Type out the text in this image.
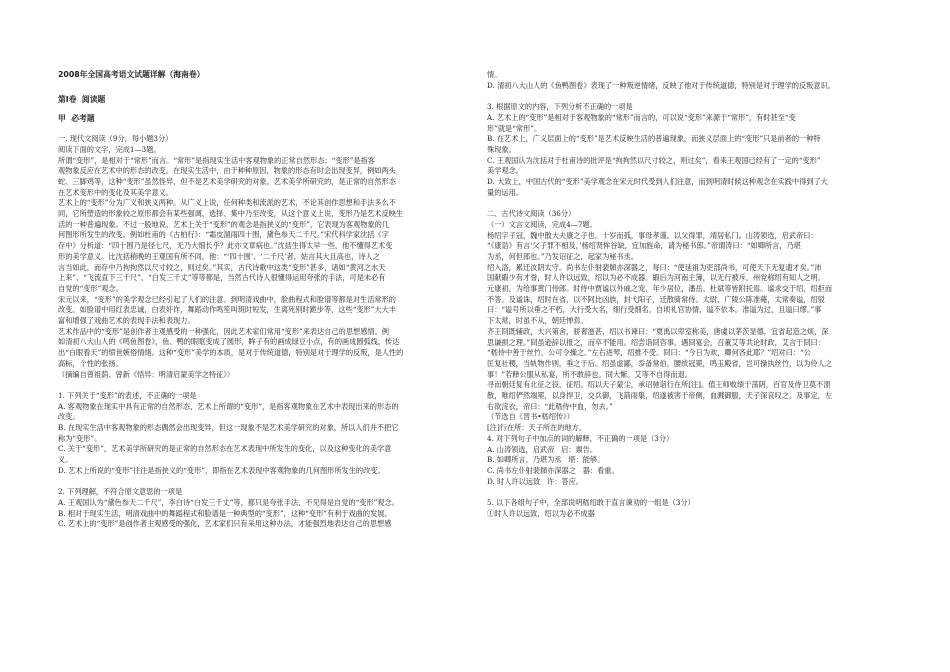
2008年全国高考语文试题详解（海南卷）

第Ⅰ卷  阅读题

甲  必考题

一. 现代文阅读（9分，每小题3分）

阅读下面的文字，完成1—3题。

所谓“变形”，是相对于“常形”而言。“常形”是指现实生活中客观物象的正常自然形态；“变形”是指客

观物象反应在艺术中的形态的改变。在现实生活中，由于种种原因，物象的形态有时会出现变异，例如两头

蛇、三脚鸡等，这种“变形”虽然怪异，但不是艺术美学研究的对象。艺术美学所研究的，是正常的自然形态

在艺术变形中的变化及其美学意义。

艺术上的“变形”分为广义和狭义两种。从广义上说，任何种类和流派的艺术，不论其创作思想和手法多么不

同，它所塑造的形象较之原形都会有某些强调、选择、集中乃至改变，从这个意义上说，变形乃是艺术反映生

活的一种普遍现象。不过一般地说，艺术上关于“变形”的观念是指狭义的“变形”，它表现为客观物象的几

何图形所发生的改变。例如杜甫的《古柏行》：“霜皮溜雨四十围，黛色参天二千尺。”宋代科学家沈括《字

存中》分析道：“四十围乃是径七尺，无乃大细长乎？此亦文章病也。”沈括生得太早一些，他不懂得艺术变

形的美学意义。比沈括稍晚的王观国有所不同，他：“‘四十围’、‘二千尺’者，姑言其大且高也，诗人之

言当如此，而存中乃拘拘然以尺寸较之，则过矣。”其实，古代诗歌中这类“变形”甚多，诸如“黄河之水天

上来”、“飞流直下三千尺”、“白发三千丈”等等都是，当然古代诗人很懂得运用夸张的手法，可是未必有

自觉的“变形”观念。

宋元以来，“变形”的美学观念已经引起了人们的注意。到明清戏曲中，脸曲程式和脸谱等都是对生活常形的

改变。如脸谱中用红表忠诚，白表奸诈，舞蹈动作鸣笙叫斑时短发，生离死别时跪步等，这些“变形”大大丰

富和增强了戏曲艺术的表现手法和表现力。

艺术作品中的“变形”是创作者主观感受的一种强化，因此艺术家们常用“变形”来表达自己的思想感情。例

如清初八大山人的《鸣鱼图卷》，鱼、鸭的眼眶变成了圆形，眸子有的画成绿豆小点，有的画成圆弧线，传达

出“白眼看天”的愤世嫉俗情绪。这种“变形”美学的本质，是对于传统道德，特别是对于理学的反叛，是人性的

高标，个性的张扬。

（摘编自曾祖荫、曾新《悟异：明清启蒙美学之特征》）

1. 下列关于“变形”的表述，不正确的一项是

A. 客观物象在现实中具有正常的自然形态，艺术上所谓的“变形”，是指客观物象在艺术中表现出来的形态的

改变。

B. 在现实生活中客观物象的形态偶然会出现变异，但这一现象不是艺术美学研究的对象，所以人们并不把它

称为“变形”。

C. 关于“变形”，艺术美学所研究的是正常的自然形态在艺术表现中所发生的变化，以及这种变化的美学意

义。

D. 艺术上所说的“变形”往往是指狭义的“变形”，即指在艺术表现中客观物象的几何图形所发生的改变。

2. 下列理解，不符合原文意思的一项是

A. 王观国认为“黛色参天二千尺”，李白诗“白发三千丈”等，都只是夸张手法，不见得是自觉的“变形”观念。

B. 相对于现实生活，明清戏曲中的舞蹈程式和脸谱是一种典型的“变形”，这种“变形”有利于戏曲的发展。

C. 艺术上的“变形”是创作者主观感受的强化，艺术家们只有采用这种办法，才能强烈地表达自己的思想感

情。

D. 清初八大山人的《鱼鸭图卷》表现了一种叛逆情绪，反映了他对于传统道德，特别是对于理学的反叛意识。

3. 根据原文的内容，下列分析不正确的一项是

A. 艺术上的“变形”是相对于客观物象的“常形”而言的，可以说“变形”来源于“常形”，有时甚至“变

形”就是“常形”。

B. 在艺术上，广义层面上的“变形”是艺术反映生活的普遍现象，而狭义层面上的“变形”只是前者的一种特

殊现象。

C. 王观国认为沈括对于杜甫诗的批评是“拘拘然以尺寸较之，则过矣”，看来王观国已经有了一定的“变形”

美学观念。

D. 大致上，中国古代的“变形”美学观念在宋元时代受到人们注意，而到明清时候这种观念在实践中得到了大

量的运用。

二、古代诗文阅读（36分）

（一）文言文阅读，完成4—7题。

杨绍字子冠，魏中散大夫康之子也。十岁而孤，事母孝谨。以父得罪，靖居私门。山涛领选，启武帝曰：

“《康诰》有言‘父子罪不相及，’杨绍贤侔谷缺，宜加旌命，请为秘书郎。”帝谓涛曰：“如卿所言，乃堪

为丞，何但郎也。”乃发诏征之，起家为秘书丞。

绍入洛，累迁汝阴太守。尚书左仆射裴頠亦深器之，每曰：“使延祖为吏部尚书，可使天下无复遗才矣。”沛

国献嘏少有才誉，时人许以远致，绍以为必不成器。嘏后为河南主簿，以无行被斥，州党称绍有知人之明。

元康初，为给事黄门侍郎。时侍中贾谧以外戚之宠，年少居位，潘岳、杜斌等皆附托焉。谧求交于绍，绍拒而

不答。及谧诛，绍时在省，以不阿比凶族，封弋阳子，迁散骑常侍。太尉、广陵公陈准薨，太常奏谥，绍驳

曰：“谥号所以垂之不朽，大行受大名，细行受细名，自顷礼官协情，谥不依本。准谥为过，且谥曰缪。”事

下太常，时虽不从，朝廷惮焉。

齐王冏既辅政，大兴第舍，骄奢滋甚，绍以书谏曰：“夏禹以卑室称美，唐虞以茅茨显德，宜省起造之烦，深

思谦损之理。”冏虽逊辞以报之，而卒不能用。绍尝诣冏咨事，遇冏宴会，召董艾等共论时政，艾言于冏曰：

“嵇侍中善于丝竹，公可令操之。”左右进琴，绍推不受。冏曰：“今日为欢，卿何吝此耶？”绍对曰：“公

匡复社稷，当轨物作则，垂之于后。绍虽虚鄙，忝备常伯，腰绂冠冕，鸣玉殿省，岂可操执丝竹，以为伶人之

事！”若释公服从私宴，所不敢辞也。冏大惭。艾等不自得而退。

寻而朝廷复有北征之役，征绍。绍以天子蒙尘，承诏驰诣行在所[注]。值王师败绩于荡阴，百官及侍卫莫不溃

散，唯绍俨然端冕，以身捍卫，交兵御，飞箭雨集，绍遂被害于帝侧，血溅御服，天子深哀叹之。及事定，左

右欲浣衣，帝曰：“此嵇侍中血，勿去。”

（节选自《晋书•嵇绍传》）

[注]行在所：天子所在的地方。

4. 对下列句子中加点的词的解释，不正确的一项是（3分）

A. 山涛领选，启武帝   启：禀告。

B. 如卿所言，乃堪为丞   堪：能够。

C. 尚书左仆射裴頠亦深器之   器：看重。

D. 时人许以远致   许：答应。

5. 以下各组句子中，全部说明嵇绍敢于直言谏劝的一组是（3分）

①时人许以远致，绍以为必不成器
